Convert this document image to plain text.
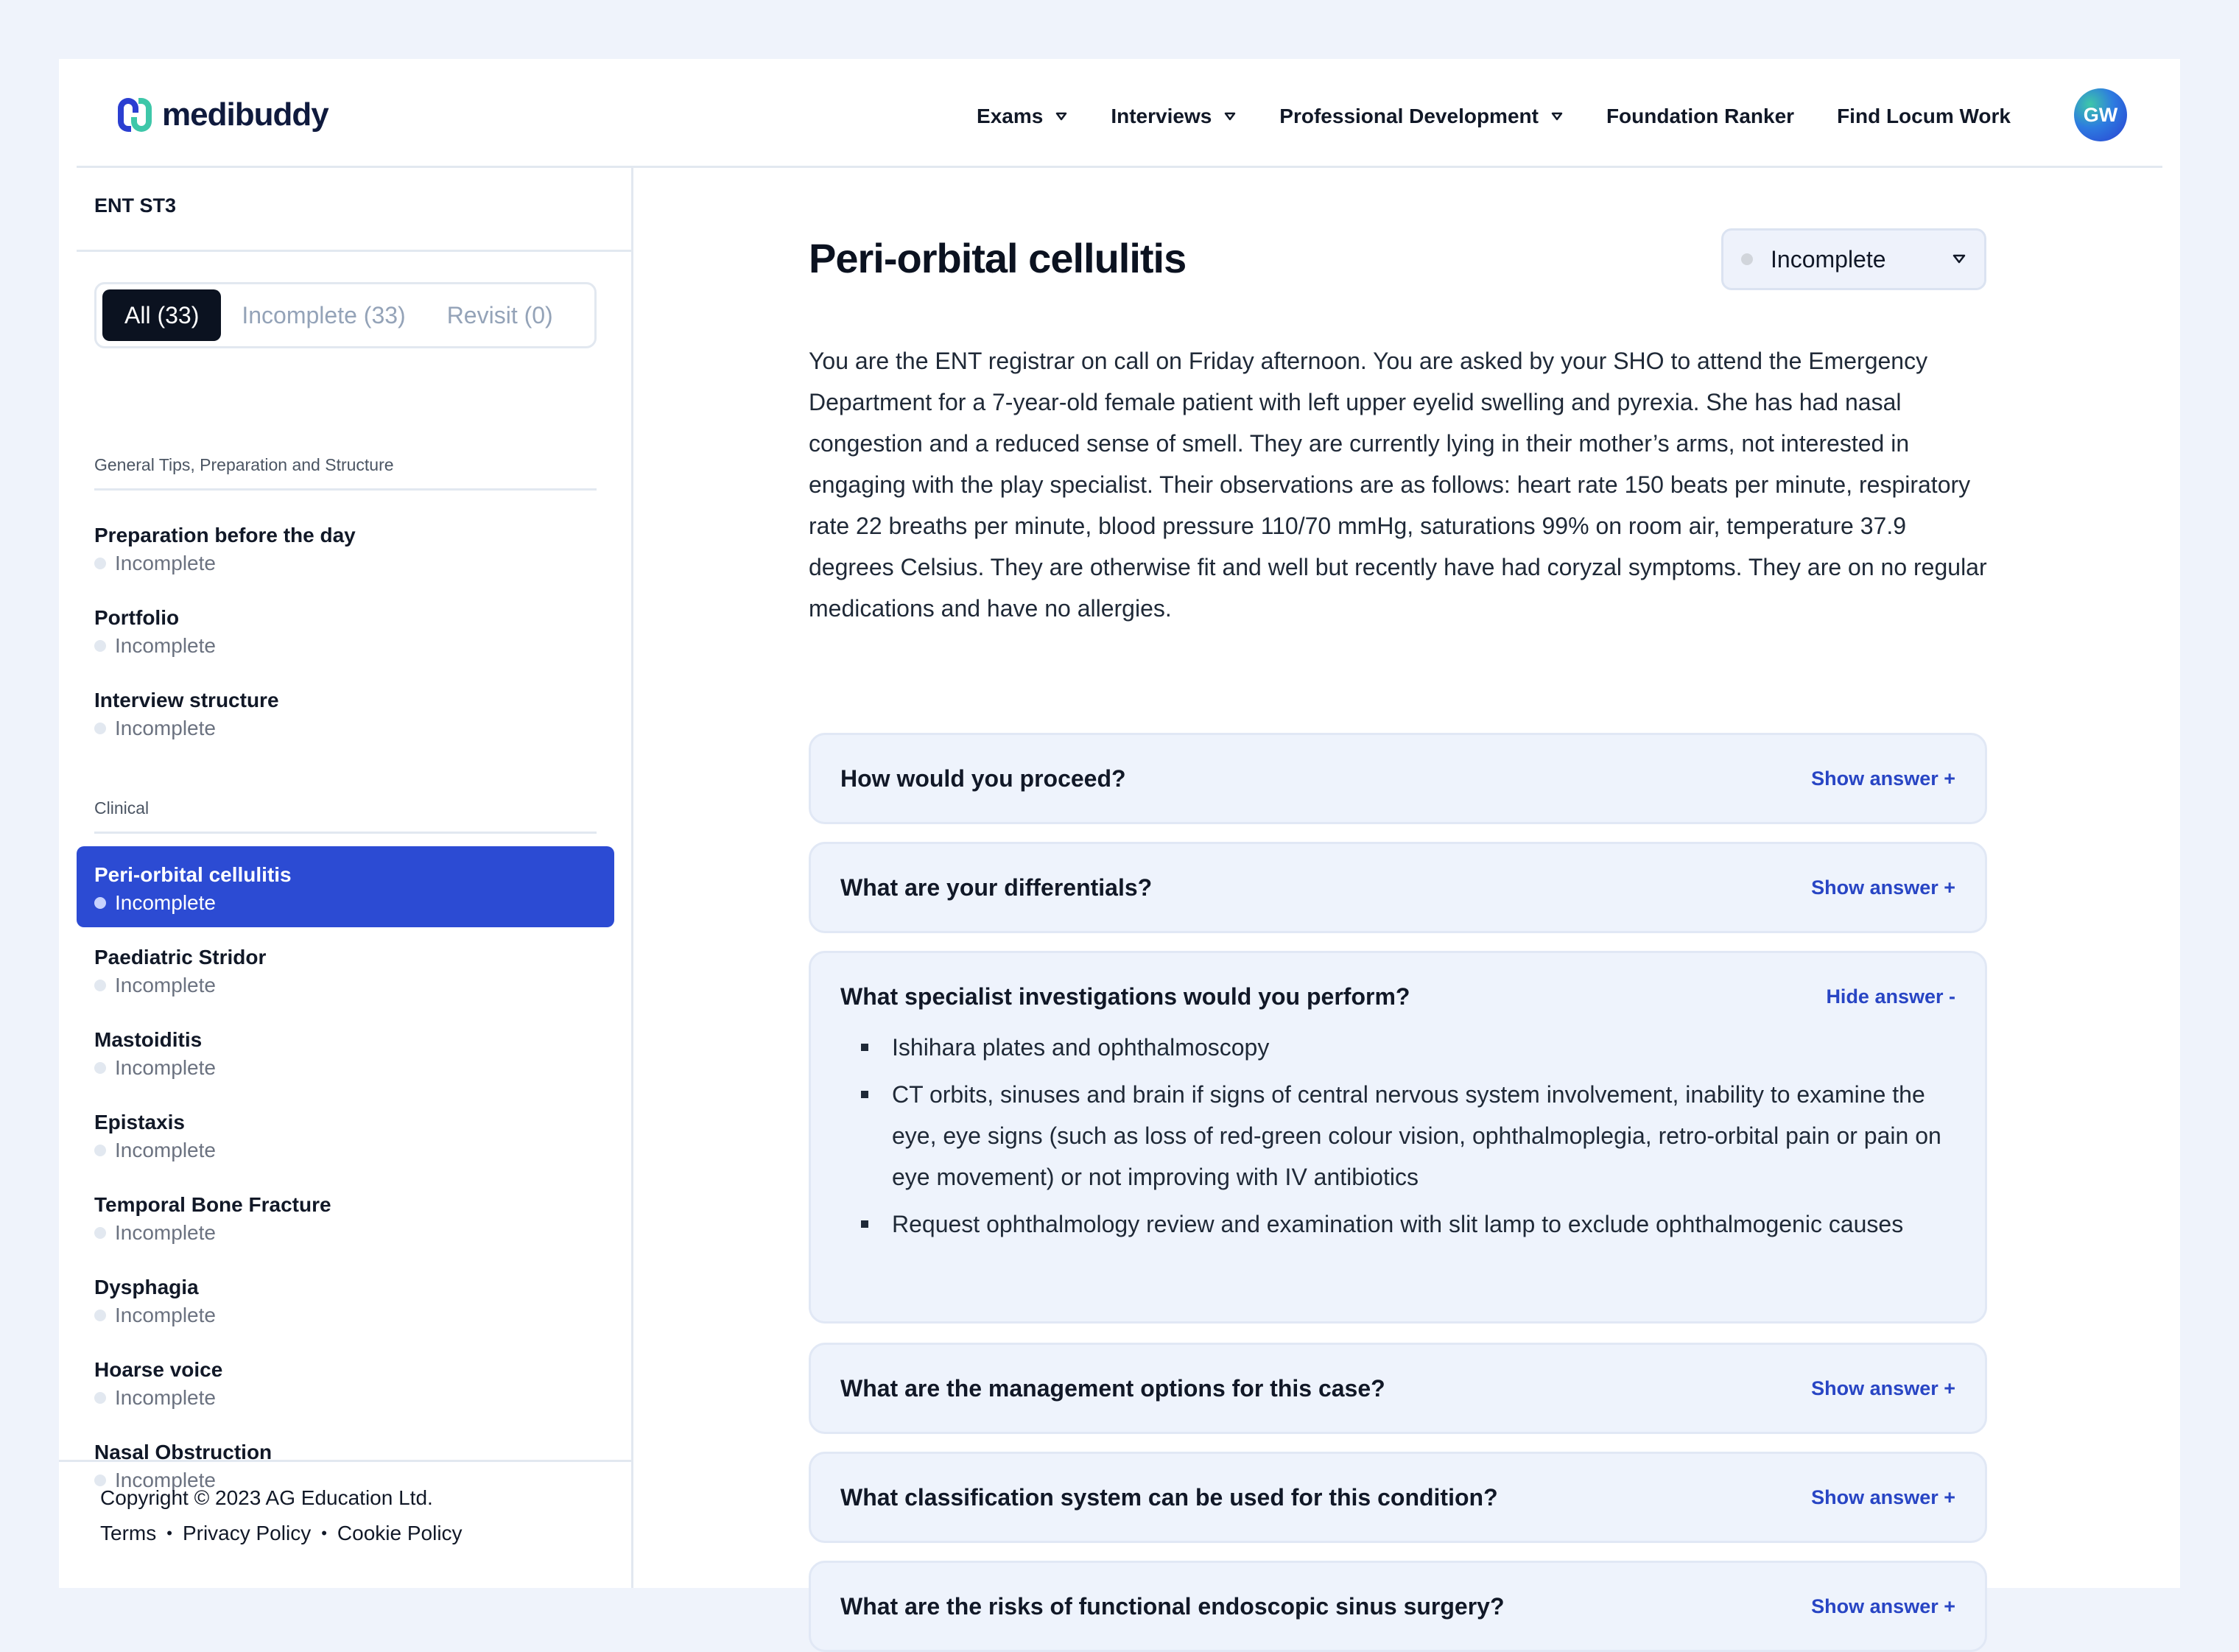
medibuddy	Exams	Interviews	Professional Development	Foundation Ranker Find Locum Work	GW
ENT ST3
All (33)	Incomplete (33)	Revisit (0)
General Tips, Preparation and Structure
Preparation before the day
Incomplete
Portfolio
Incomplete
Interview structure
Incomplete
Clinical
Peri-orbital cellulitis
Incomplete
Paediatric Stridor
Incomplete
Mastoiditis
Incomplete
Epistaxis
Incomplete
Temporal Bone Fracture
Incomplete
Dysphagia
Incomplete
Hoarse voice
Incomplete
Nasal Obstruction
Incomplete
Copyright © 2023 AG Education Ltd.
Terms • Privacy Policy • Cookie Policy
Peri-orbital cellulitis	Incomplete
You are the ENT registrar on call on Friday afternoon. You are asked by your SHO to attend the Emergency Department for a 7-year-old female patient with left upper eyelid swelling and pyrexia. She has had nasal congestion and a reduced sense of smell. They are currently lying in their mother’s arms, not interested in engaging with the play specialist. Their observations are as follows: heart rate 150 beats per minute, respiratory rate 22 breaths per minute, blood pressure 110/70 mmHg, saturations 99% on room air, temperature 37.9 degrees Celsius. They are otherwise fit and well but recently have had coryzal symptoms. They are on no regular medications and have no allergies.
How would you proceed?	Show answer +
What are your differentials?	Show answer +
What specialist investigations would you perform?	Hide answer -
Ishihara plates and ophthalmoscopy
CT orbits, sinuses and brain if signs of central nervous system involvement, inability to examine the eye, eye signs (such as loss of red-green colour vision, ophthalmoplegia, retro-orbital pain or pain on eye movement) or not improving with IV antibiotics
Request ophthalmology review and examination with slit lamp to exclude ophthalmogenic causes
What are the management options for this case?	Show answer +
What classification system can be used for this condition?	Show answer +
What are the risks of functional endoscopic sinus surgery?	Show answer +
